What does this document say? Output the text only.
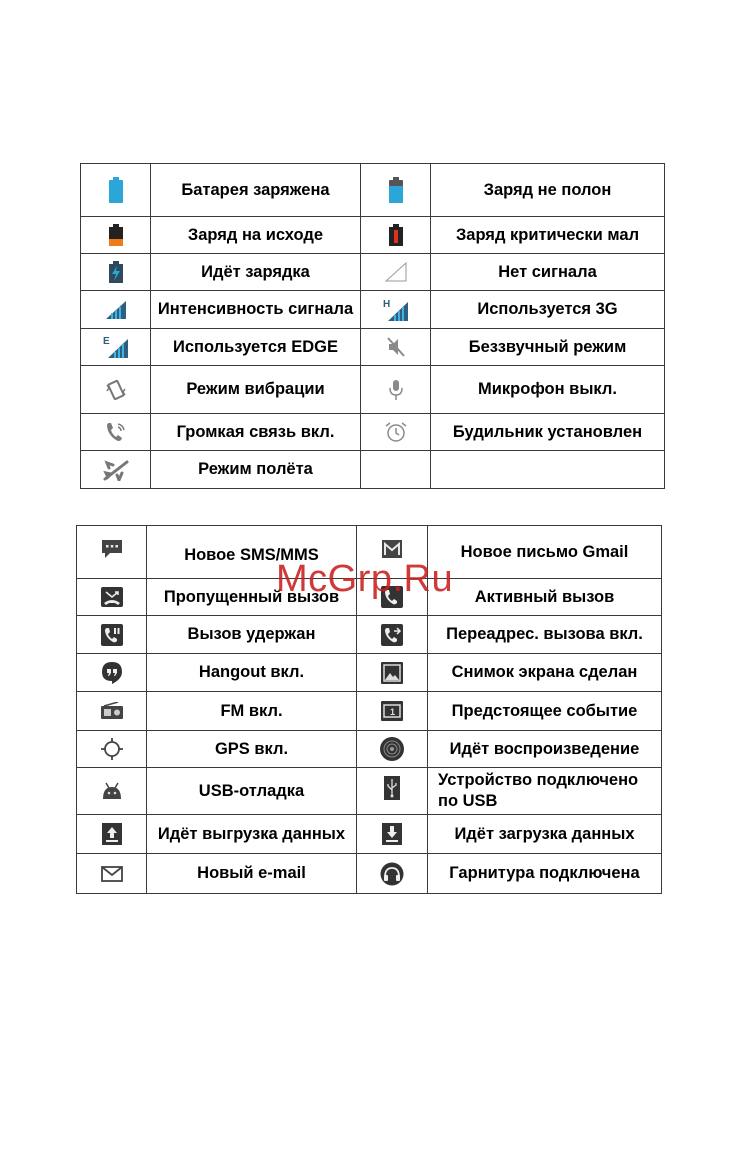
	Батарея заряжена		Заряд не полон

	Заряд на исходе		Заряд критически мал

	Идёт зарядка		Нет сигнала

	Интенсивность сигнала	H	Используется 3G

E	Используется EDGE		Беззвучный режим

	Режим вибрации		Микрофон выкл.

	Громкая связь вкл.		Будильник установлен

	Режим полёта		
	Новое SMS/MMS		Новое письмо Gmail

	Пропущенный вызов		Активный вызов

	Вызов удержан		Переадрес. вызова вкл.

	Hangout вкл.		Снимок экрана сделан

	FM вкл.	1	Предстоящее событие

	GPS вкл.		Идёт воспроизведение

	USB-отладка		Устройство подключено по USB

	Идёт выгрузка данных		Идёт загрузка данных

	Новый e-mail		Гарнитура подключена
McGrp.Ru
